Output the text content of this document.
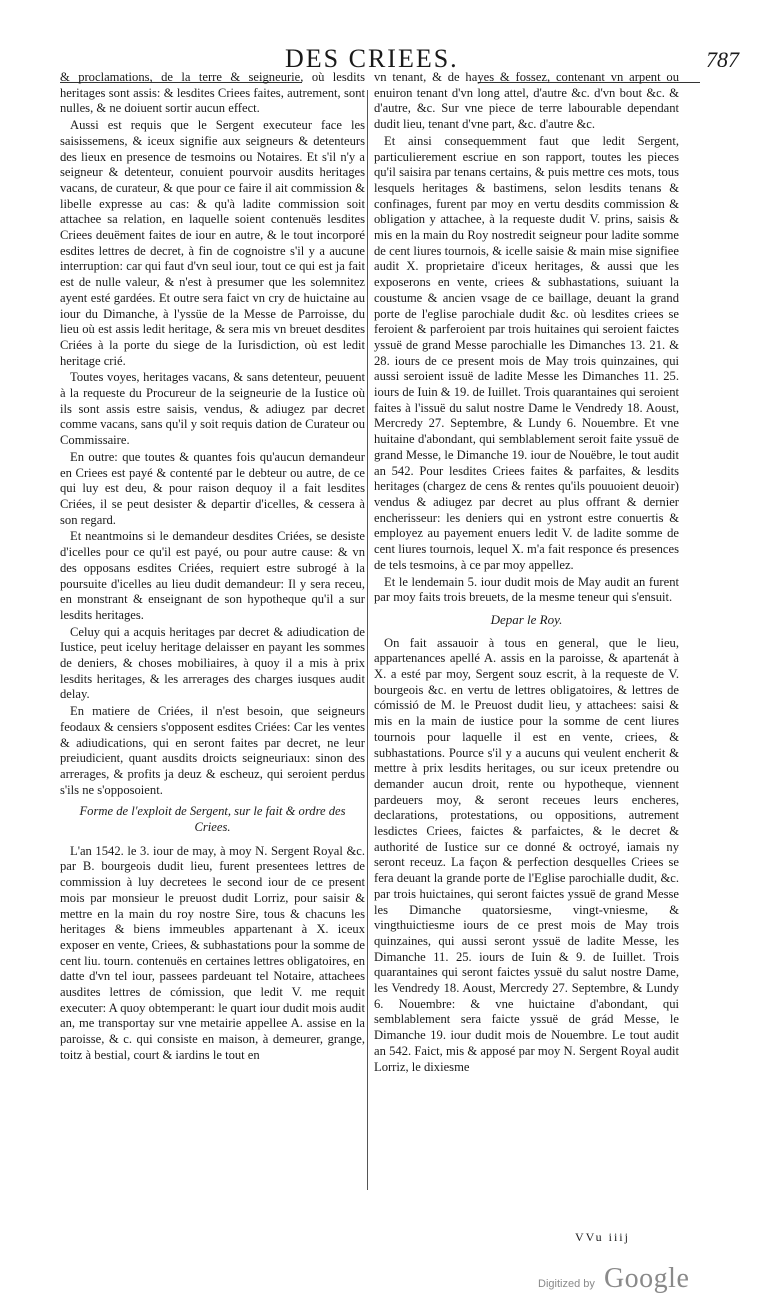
DES CRIEES.	787

& proclamations, de la terre & seigneurie, où lesdits heritages sont assis: & lesdites Criees faites, autrement, sont nulles, & ne doiuent sortir aucun effect.

Aussi est requis que le Sergent executeur face les saisissemens, & iceux signifie aux seigneurs & detenteurs des lieux en presence de tesmoins ou Notaires. Et s'il n'y a seigneur & detenteur, conuient pourvoir ausdits heritages vacans, de curateur, & que pour ce faire il ait commission & libelle expresse au cas: & qu'à ladite commission soit attachee sa relation, en laquelle soient contenuës lesdites Criees deuëment faites de iour en autre, & le tout incorporé esdites lettres de decret, à fin de cognoistre s'il y a aucune interruption: car qui faut d'vn seul iour, tout ce qui est ja fait est de nulle valeur, & n'est à presumer que les solemnitez ayent esté gardées. Et outre sera faict vn cry de huictaine au iour du Dimanche, à l'yssüe de la Messe de Parroisse, du lieu où est assis ledit heritage, & sera mis vn breuet desdites Criées à la porte du siege de la Iurisdiction, où est ledit heritage crié.

Toutes voyes, heritages vacans, & sans detenteur, peuuent à la requeste du Procureur de la seigneurie de la Iustice où ils sont assis estre saisis, vendus, & adiugez par decret comme vacans, sans qu'il y soit requis dation de Curateur ou Commissaire.

En outre: que toutes & quantes fois qu'aucun demandeur en Criees est payé & contenté par le debteur ou autre, de ce qui luy est deu, & pour raison dequoy il a fait lesdites Criées, il se peut desister & departir d'icelles, & cessera à son regard.

Et neantmoins si le demandeur desdites Criées, se desiste d'icelles pour ce qu'il est payé, ou pour autre cause: & vn des opposans esdites Criées, requiert estre subrogé à la poursuite d'icelles au lieu dudit demandeur: Il y sera receu, en monstrant & enseignant de son hypotheque qu'il a sur lesdits heritages.

Celuy qui a acquis heritages par decret & adiudication de Iustice, peut iceluy heritage delaisser en payant les sommes de deniers, & choses mobiliaires, à quoy il a mis à prix lesdits heritages, & les arrerages des charges iusques audit delay.

En matiere de Criées, il n'est besoin, que seigneurs feodaux & censiers s'opposent esdites Criées: Car les ventes & adiudications, qui en seront faites par decret, ne leur preiudicient, quant ausdits droicts seigneuriaux: sinon des arrerages, & profits ja deuz & escheuz, qui seroient perdus s'ils ne s'opposoient.

Forme de l'exploit de Sergent, sur le fait & ordre des Criees.

L'an 1542. le 3. iour de may, à moy N. Sergent Royal &c. par B. bourgeois dudit lieu, furent presentees lettres de commission à luy decretees le second iour de ce present mois par monsieur le preuost dudit Lorriz, pour saisir & mettre en la main du roy nostre Sire, tous & chacuns les heritages & biens immeubles appartenant à X. iceux exposer en vente, Criees, & subhastations pour la somme de cent liu. tourn. contenuës en certaines lettres obligatoires, en datte d'vn tel iour, passees pardeuant tel Notaire, attachees ausdites lettres de cómission, que ledit V. me requit executer: A quoy obtemperant: le quart iour dudit mois audit an, me transportay sur vne metairie appellee A. assise en la paroisse, & c. qui consiste en maison, à demeurer, grange, toitz à bestial, court & iardins le tout en

vn tenant, & de hayes & fossez, contenant vn arpent ou enuiron tenant d'vn long attel, d'autre &c. d'vn bout &c. & d'autre, &c. Sur vne piece de terre labourable dependant dudit lieu, tenant d'vne part, &c. d'autre &c.

Et ainsi consequemment faut que ledit Sergent, particulierement escriue en son rapport, toutes les pieces qu'il saisira par tenans certains, & puis mettre ces mots, tous lesquels heritages & bastimens, selon lesdits tenans & confinages, furent par moy en vertu desdits commission & obligation y attachee, à la requeste dudit V. prins, saisis & mis en la main du Roy nostredit seigneur pour ladite somme de cent liures tournois, & icelle saisie & main mise signifiee audit X. proprietaire d'iceux heritages, & aussi que les exposerons en vente, criees & subhastations, suiuant la coustume & ancien vsage de ce baillage, deuant la grand porte de l'eglise parochiale dudit &c. où lesdites criees se feroient & parferoient par trois huitaines qui seroient faictes yssuë de grand Messe parochialle les Dimanches 13. 21. & 28. iours de ce present mois de May trois quinzaines, qui aussi seroient issuë de ladite Messe les Dimanches 11. 25. iours de Iuin & 19. de Iuillet. Trois quarantaines qui seroient faites à l'issuë du salut nostre Dame le Vendredy 18. Aoust, Mercredy 27. Septembre, & Lundy 6. Nouembre. Et vne huitaine d'abondant, qui semblablement seroit faite yssuë de grand Messe, le Dimanche 19. iour de Nouëbre, le tout audit an 542. Pour lesdites Criees faites & parfaites, & lesdits heritages (chargez de cens & rentes qu'ils pouuoient deuoir) vendus & adiugez par decret au plus offrant & dernier encherisseur: les deniers qui en ystront estre conuertis & employez au payement enuers ledit V. de ladite somme de cent liures tournois, lequel X. m'a fait responce és presences de tels tesmoins, à ce par moy appellez.

Et le lendemain 5. iour dudit mois de May audit an furent par moy faits trois breuets, de la mesme teneur qui s'ensuit.

Depar le Roy.

On fait assauoir à tous en general, que le lieu, appartenances apellé A. assis en la paroisse, & apartenát à X. a esté par moy, Sergent souz escrit, à la requeste de V. bourgeois &c. en vertu de lettres obligatoires, & lettres de cómissió de M. le Preuost dudit lieu, y attachees: saisi & mis en la main de iustice pour la somme de cent liures tournois pour laquelle il est en vente, criees, & subhastations. Pource s'il y a aucuns qui veulent encherit & mettre à prix lesdits heritages, ou sur iceux pretendre ou demander aucun droit, rente ou hypotheque, viennent pardeuers moy, & seront receues leurs encheres, declarations, protestations, ou oppositions, autrement lesdictes Criees, faictes & parfaictes, & le decret & authorité de Iustice sur ce donné & octroyé, iamais ny seront receuz. La façon & perfection desquelles Criees se fera deuant la grande porte de l'Eglise parochialle dudit, &c. par trois huictaines, qui seront faictes yssuë de grand Messe les Dimanche quatorsiesme, vingt-vniesme, & vingthuictiesme iours de ce prest mois de May trois quinzaines, qui aussi seront yssuë de ladite Messe, les Dimanche 11. 25. iours de Iuin & 9. de Iuillet. Trois quarantaines qui seront faictes yssuë du salut nostre Dame, les Vendredy 18. Aoust, Mercredy 27. Septembre, & Lundy 6. Nouembre: & vne huictaine d'abondant, qui semblablement sera faicte yssuë de grád Messe, le Dimanche 19. iour dudit mois de Nouembre. Le tout audit an 542. Faict, mis & apposé par moy N. Sergent Royal audit Lorriz, le dixiesme

VVu iiij
Digitized by Google
